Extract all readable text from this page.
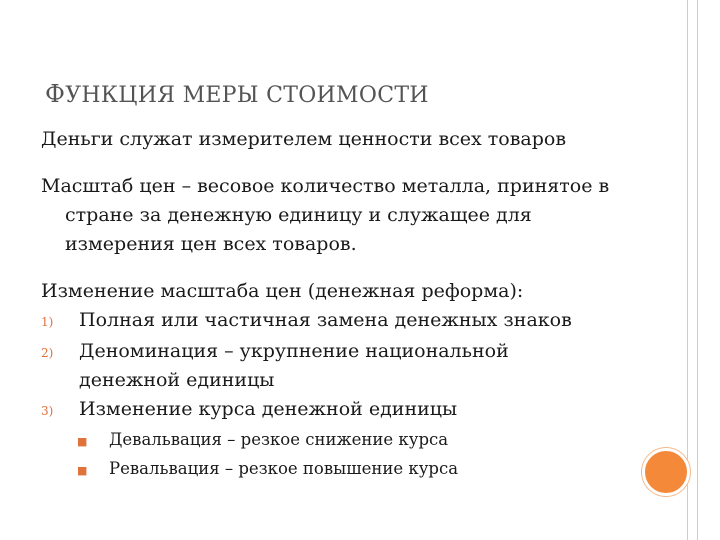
ФУНКЦИЯ МЕРЫ СТОИМОСТИ

Деньги служат измерителем ценности всех товаров

Масштаб цен – весовое количество металла, принятое в
стране за денежную единицу и служащее для
измерения цен всех товаров.

Изменение масштаба цен (денежная реформа):

1)	Полная или частичная замена денежных знаков
2)	Деноминация – укрупнение национальной
денежной единицы
3)	Изменение курса денежной единицы
■	Девальвация – резкое снижение курса
■	Ревальвация – резкое повышение курса
